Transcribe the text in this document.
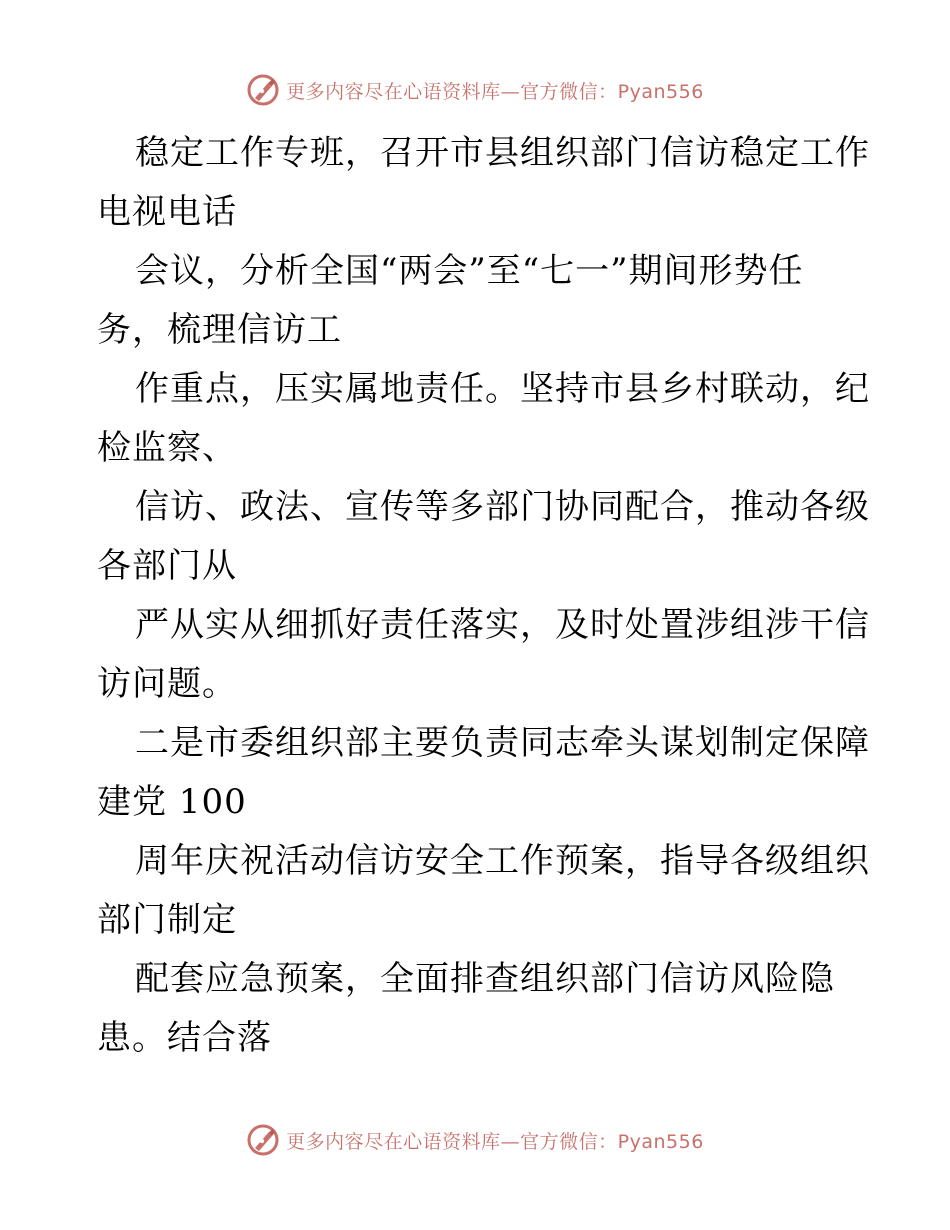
更多内容尽在心语资料库—官方微信：Pyan556

稳定工作专班，召开市县组织部门信访稳定工作
电视电话

会议，分析全国“两会”至“七一”期间形势任
务，梳理信访工

作重点，压实属地责任。坚持市县乡村联动，纪
检监察、

信访、政法、宣传等多部门协同配合，推动各级
各部门从

严从实从细抓好责任落实，及时处置涉组涉干信
访问题。

二是市委组织部主要负责同志牵头谋划制定保障
建党 100

周年庆祝活动信访安全工作预案，指导各级组织
部门制定

配套应急预案，全面排查组织部门信访风险隐
患。结合落

更多内容尽在心语资料库—官方微信：Pyan556
